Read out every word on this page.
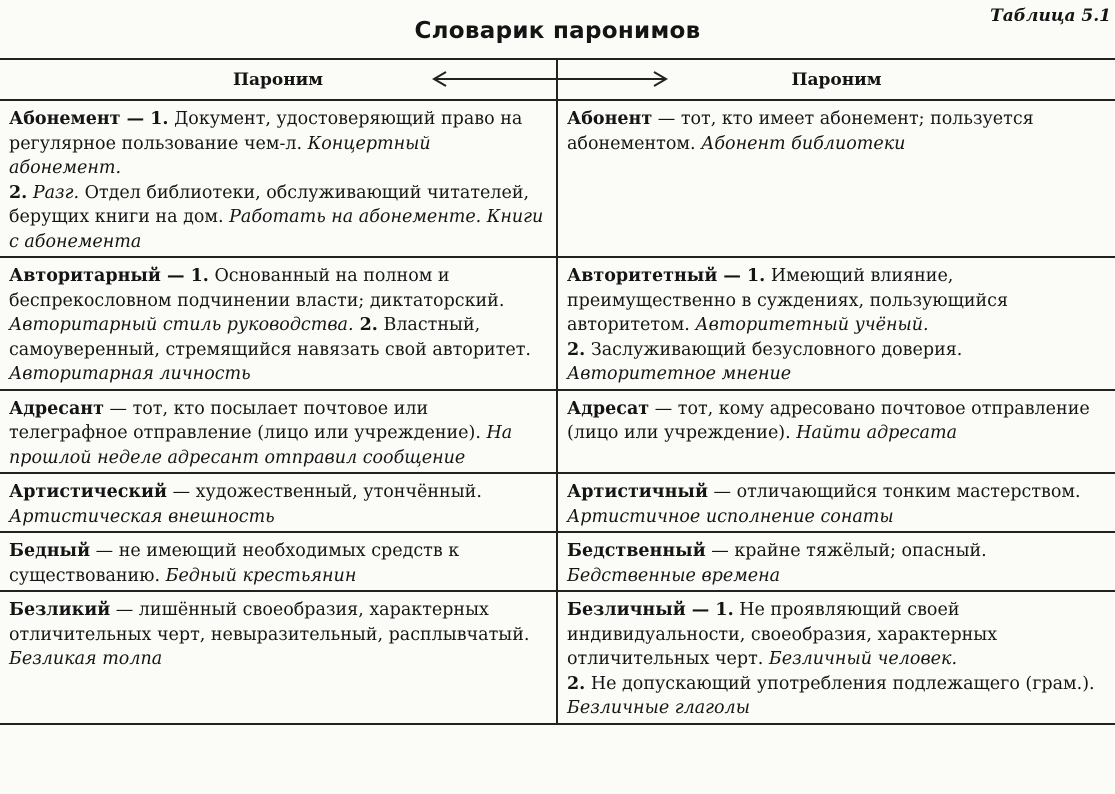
Словарик паронимов
Таблица 5.1
Пароним	Пароним
Абонемент — 1. Документ, удостоверяющий право на регулярное пользование чем-л. Концертный абонемент.
2. Разг. Отдел библиотеки, обслуживающий читателей, берущих книги на дом. Работать на абонементе. Книги с абонемента	Абонент — тот, кто имеет абонемент; пользуется абонементом. Абонент библиотеки
Авторитарный — 1. Основанный на полном и беспрекословном подчинении власти; диктаторский. Авторитарный стиль руководства. 2. Властный, самоуверенный, стремящийся навязать свой авторитет. Авторитарная личность	Авторитетный — 1. Имеющий влияние, преимущественно в суждениях, пользующийся авторитетом. Авторитетный учёный.
2. Заслуживающий безусловного доверия. Авторитетное мнение
Адресант — тот, кто посылает почтовое или телеграфное отправление (лицо или учреждение). На прошлой неделе адресант отправил сообщение	Адресат — тот, кому адресовано почтовое отправление (лицо или учреждение). Найти адресата
Артистический — художественный, утончённый. Артистическая внешность	Артистичный — отличающийся тонким мастерством. Артистичное исполнение сонаты
Бедный — не имеющий необходимых средств к существованию. Бедный крестьянин	Бедственный — крайне тяжёлый; опасный.
Бедственные времена
Безликий — лишённый своеобразия, характерных отличительных черт, невыразительный, расплывчатый. Безликая толпа	Безличный — 1. Не проявляющий своей индивидуальности, своеобразия, характерных отличительных черт. Безличный человек.
2. Не допускающий употребления подлежащего (грам.). Безличные глаголы
